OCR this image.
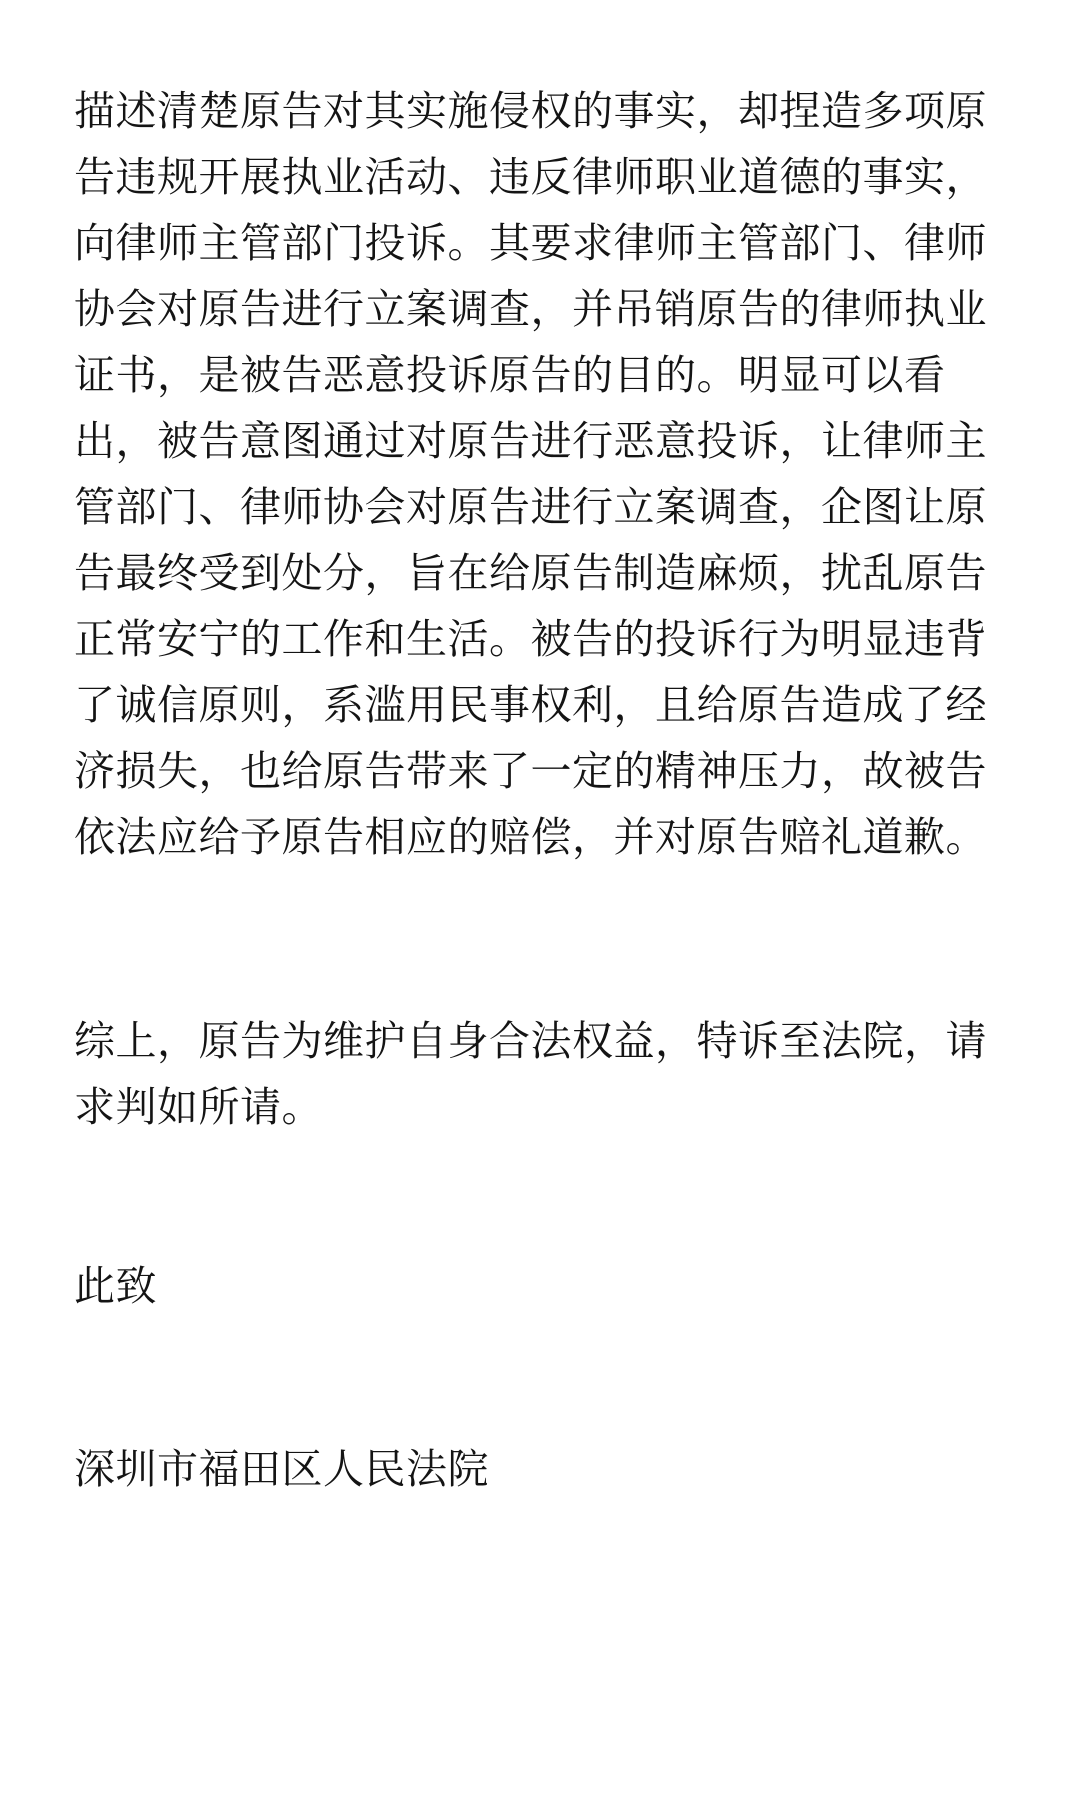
描述清楚原告对其实施侵权的事实，却捏造多项原
告违规开展执业活动、违反律师职业道德的事实，
向律师主管部门投诉。其要求律师主管部门、律师
协会对原告进行立案调查，并吊销原告的律师执业
证书，是被告恶意投诉原告的目的。明显可以看
出，被告意图通过对原告进行恶意投诉，让律师主
管部门、律师协会对原告进行立案调查，企图让原
告最终受到处分，旨在给原告制造麻烦，扰乱原告
正常安宁的工作和生活。被告的投诉行为明显违背
了诚信原则，系滥用民事权利，且给原告造成了经
济损失，也给原告带来了一定的精神压力，故被告
依法应给予原告相应的赔偿，并对原告赔礼道歉。
综上，原告为维护自身合法权益，特诉至法院，请
求判如所请。
此致
深圳市福田区人民法院
